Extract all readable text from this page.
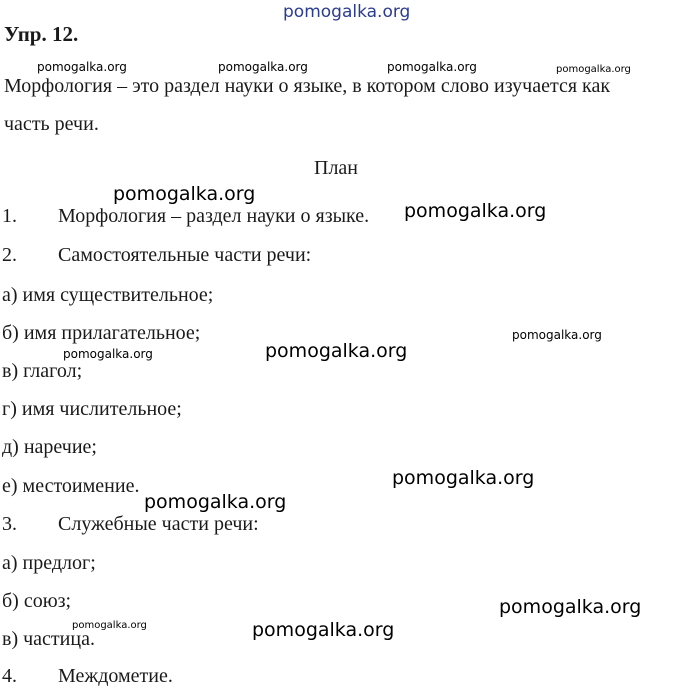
pomogalka.org
Упр. 12.
Морфология – это раздел науки о языке, в котором слово изучается как
часть речи.
План
1. Морфология – раздел науки о языке.
2. Самостоятельные части речи:
а) имя существительное;
б) имя прилагательное;
в) глагол;
г) имя числительное;
д) наречие;
е) местоимение.
3. Служебные части речи:
а) предлог;
б) союз;
в) частица.
4. Междометие.
pomogalka.org	pomogalka.org	pomogalka.org	pomogalka.org
pomogalka.org
pomogalka.org
pomogalka.org
pomogalka.org	pomogalka.org
pomogalka.org
pomogalka.org
pomogalka.org
pomogalka.org	pomogalka.org
